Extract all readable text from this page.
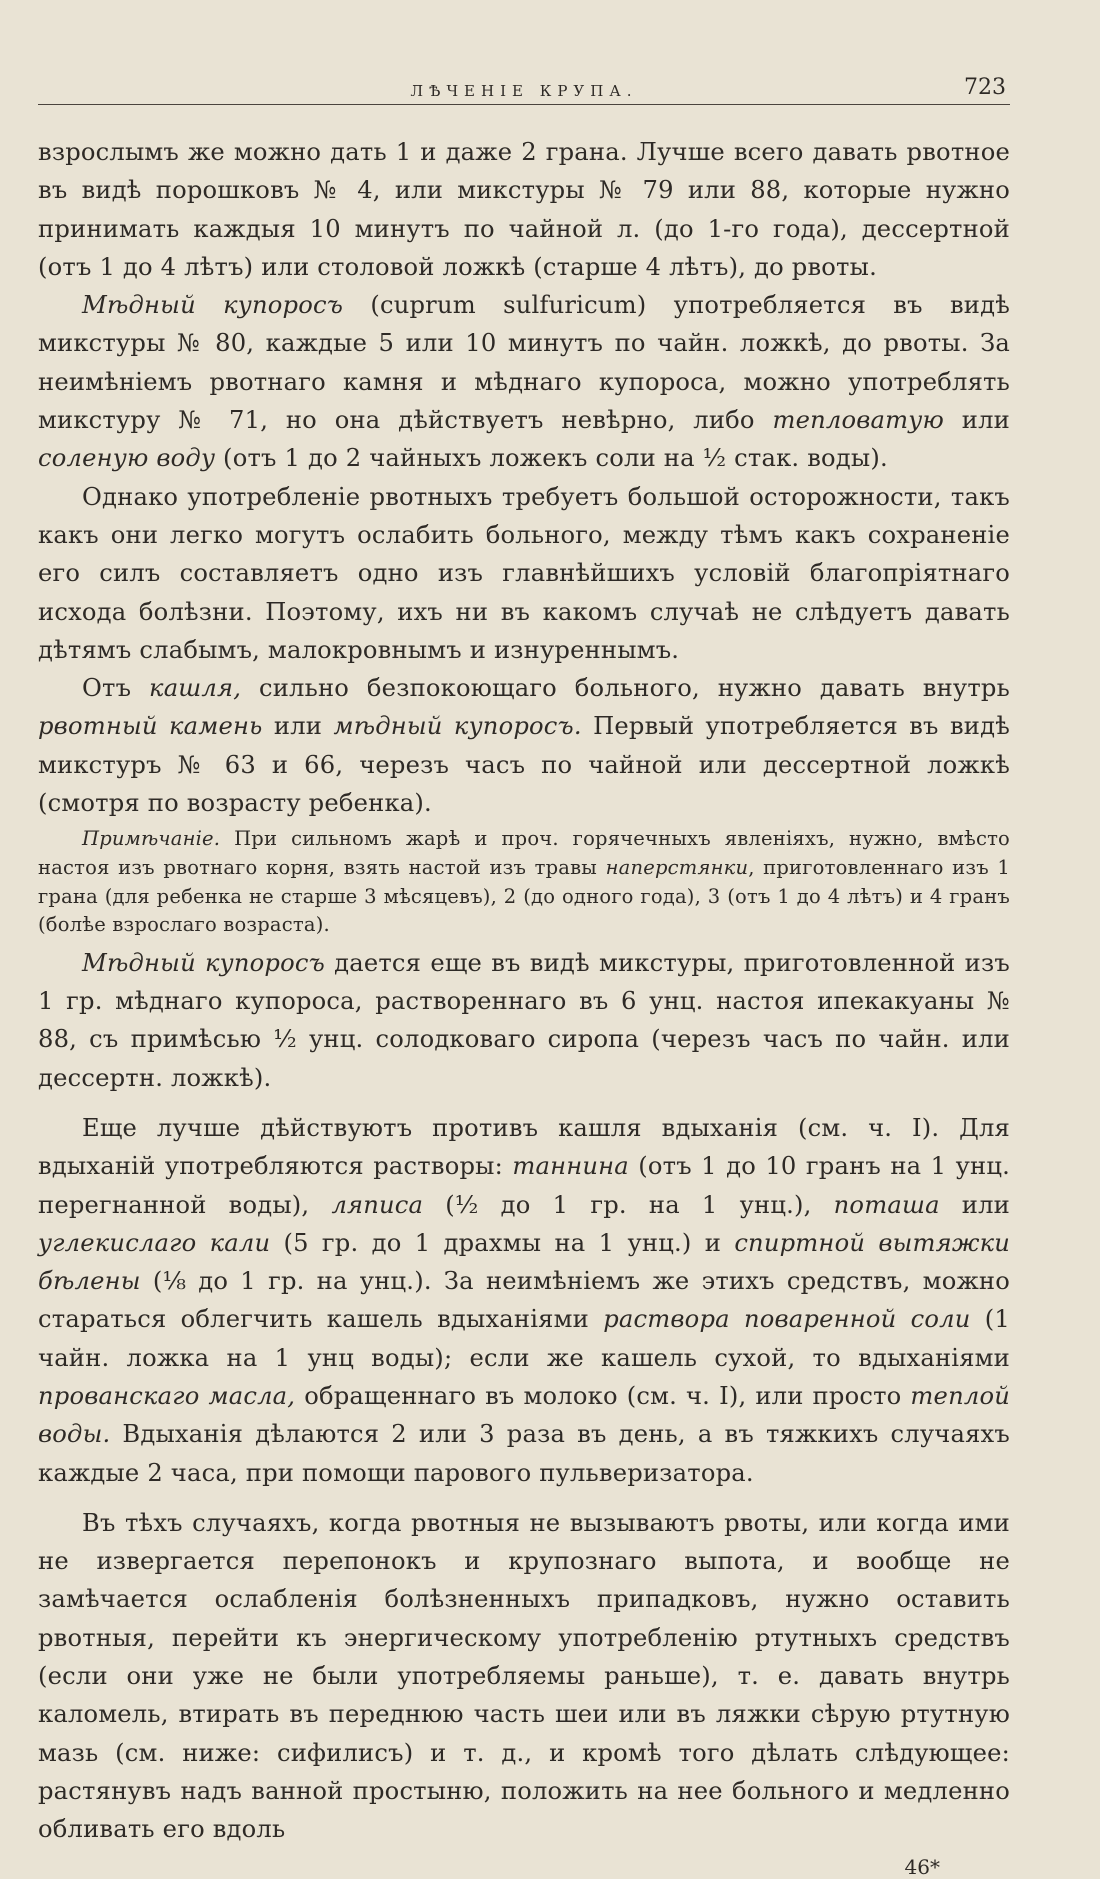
ЛѢЧЕНІЕ КРУПА.	723

взрослымъ же можно дать 1 и даже 2 грана. Лучше всего давать рвотное въ видѣ порошковъ № 4, или микстуры № 79 или 88, которые нужно принимать каждыя 10 минутъ по чайной л. (до 1-го года), дессертной (отъ 1 до 4 лѣтъ) или столовой ложкѣ (старше 4 лѣтъ), до рвоты.

Мѣдный купоросъ (cuprum sulfuricum) употребляется въ видѣ микстуры № 80, каждые 5 или 10 минутъ по чайн. ложкѣ, до рвоты. За неимѣніемъ рвотнаго камня и мѣднаго купороса, можно употреблять микстуру № 71, но она дѣйствуетъ невѣрно, либо тепловатую или соленую воду (отъ 1 до 2 чайныхъ ложекъ соли на ½ стак. воды).

Однако употребленіе рвотныхъ требуетъ большой осторожности, такъ какъ они легко могутъ ослабить больного, между тѣмъ какъ сохраненіе его силъ составляетъ одно изъ главнѣйшихъ условій благопріятнаго исхода болѣзни. Поэтому, ихъ ни въ какомъ случаѣ не слѣдуетъ давать дѣтямъ слабымъ, малокровнымъ и изнуреннымъ.

Отъ кашля, сильно безпокоющаго больного, нужно давать внутрь рвотный камень или мѣдный купоросъ. Первый употребляется въ видѣ микстуръ № 63 и 66, черезъ часъ по чайной или дессертной ложкѣ (смотря по возрасту ребенка).

Примѣчаніе. При сильномъ жарѣ и проч. горячечныхъ явленіяхъ, нужно, вмѣсто настоя изъ рвотнаго корня, взять настой изъ травы наперстянки, приготовленнаго изъ 1 грана (для ребенка не старше 3 мѣсяцевъ), 2 (до одного года), 3 (отъ 1 до 4 лѣтъ) и 4 гранъ (болѣе взрослаго возраста).

Мѣдный купоросъ дается еще въ видѣ микстуры, приготовленной изъ 1 гр. мѣднаго купороса, раствореннаго въ 6 унц. настоя ипекакуаны № 88, съ примѣсью ½ унц. солодковаго сиропа (черезъ часъ по чайн. или дессертн. ложкѣ).

Еще лучше дѣйствуютъ противъ кашля вдыханія (см. ч. I). Для вдыханій употребляются растворы: таннина (отъ 1 до 10 гранъ на 1 унц. перегнанной воды), ляписа (½ до 1 гр. на 1 унц.), поташа или углекислаго кали (5 гр. до 1 драхмы на 1 унц.) и спиртной вытяжки бѣлены (⅛ до 1 гр. на унц.). За неимѣніемъ же этихъ средствъ, можно стараться облегчить кашель вдыханіями раствора поваренной соли (1 чайн. ложка на 1 унц воды); если же кашель сухой, то вдыханіями прованскаго масла, обращеннаго въ молоко (см. ч. I), или просто теплой воды. Вдыханія дѣлаются 2 или 3 раза въ день, а въ тяжкихъ случаяхъ каждые 2 часа, при помощи парового пульверизатора.

Въ тѣхъ случаяхъ, когда рвотныя не вызываютъ рвоты, или когда ими не извергается перепонокъ и крупознаго выпота, и вообще не замѣчается ослабленія болѣзненныхъ припадковъ, нужно оставить рвотныя, перейти къ энергическому употребленію ртутныхъ средствъ (если они уже не были употребляемы раньше), т. е. давать внутрь каломель, втирать въ переднюю часть шеи или въ ляжки сѣрую ртутную мазь (см. ниже: сифилисъ) и т. д., и кромѣ того дѣлать слѣдующее: растянувъ надъ ванной простыню, положить на нее больного и медленно обливать его вдоль

46*
